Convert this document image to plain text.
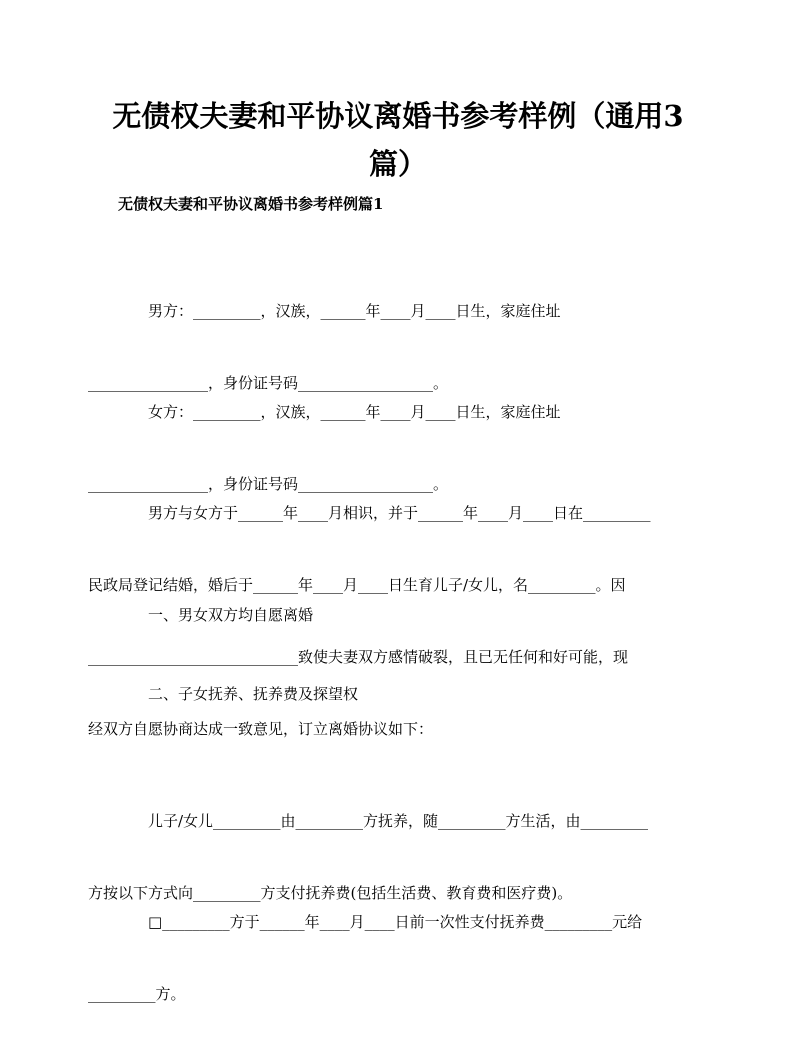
无债权夫妻和平协议离婚书参考样例（通用3篇）

无债权夫妻和平协议离婚书参考样例篇1

男方：_________，汉族，______年____月____日生，家庭住址

________________，身份证号码__________________。

女方：_________，汉族，______年____月____日生，家庭住址

________________，身份证号码__________________。

男方与女方于______年____月相识，并于______年____月____日在_________

民政局登记结婚，婚后于______年____月____日生育儿子/女儿，名_________。因

____________________________致使夫妻双方感情破裂，且已无任何和好可能，现

经双方自愿协商达成一致意见，订立离婚协议如下：

一、男女双方均自愿离婚

二、子女抚养、抚养费及探望权

儿子/女儿_________由_________方抚养，随_________方生活，由_________

方按以下方式向_________方支付抚养费(包括生活费、教育费和医疗费)。

□_________方于______年____月____日前一次性支付抚养费_________元给

_________方。
